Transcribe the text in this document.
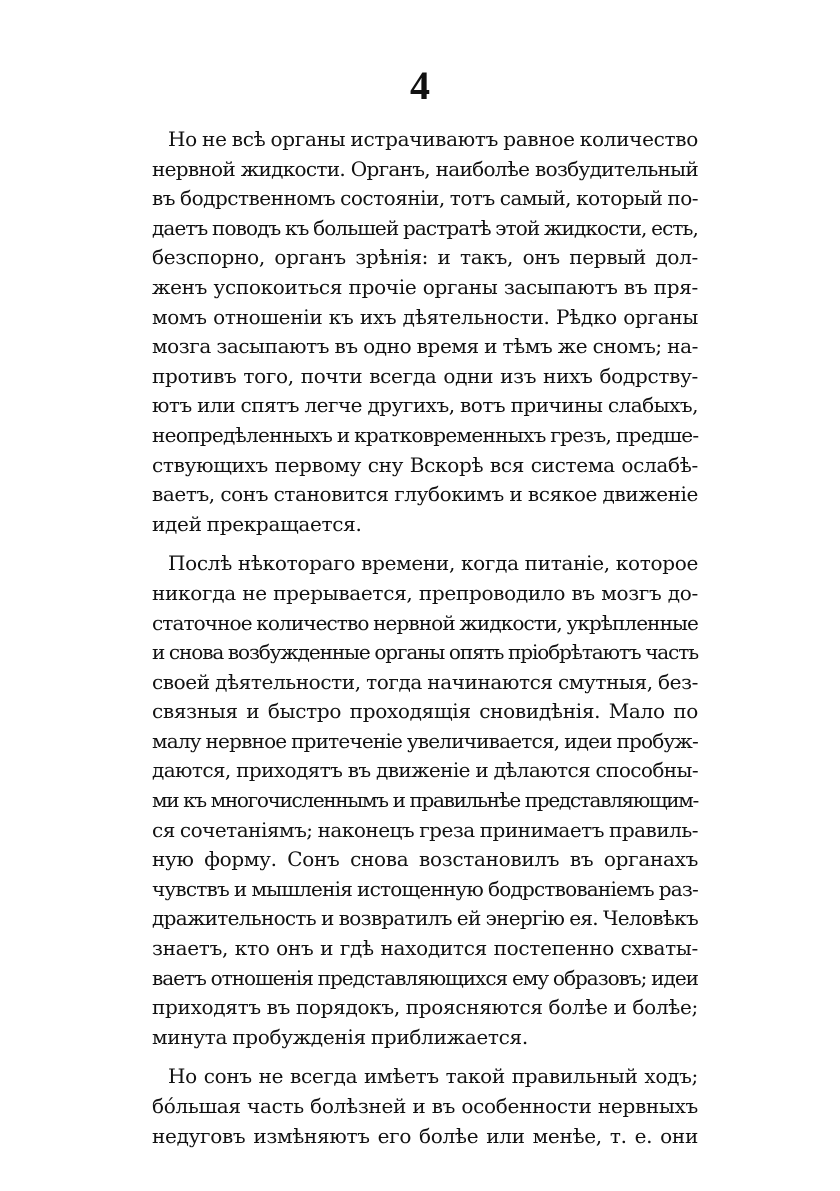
4

Но не всѣ органы истрачиваютъ равное количество
нервной жидкости. Органъ, наиболѣе возбудительный
въ бодрственномъ состояніи, тотъ самый, который по-
даетъ поводъ къ большей растратѣ этой жидкости, есть,
безспорно, органъ зрѣнія: и такъ, онъ первый дол-
женъ успокоиться прочіе органы засыпаютъ въ пря-
момъ отношеніи къ ихъ дѣятельности. Рѣдко органы
мозга засыпаютъ въ одно время и тѣмъ же сномъ; на-
противъ того, почти всегда одни изъ нихъ бодрству-
ютъ или спятъ легче другихъ, вотъ причины слабыхъ,
неопредѣленныхъ и кратковременныхъ грезъ, предше-
ствующихъ первому сну Вскорѣ вся система ослабѣ-
ваетъ, сонъ становится глубокимъ и всякое движеніе
идей прекращается.

Послѣ нѣкотораго времени, когда питаніе, которое
никогда не прерывается, препроводило въ мозгъ до-
статочное количество нервной жидкости, укрѣпленные
и снова возбужденные органы опять пріобрѣтаютъ часть
своей дѣятельности, тогда начинаются смутныя, без-
связныя и быстро проходящія сновидѣнія. Мало по
малу нервное притеченіе увеличивается, идеи пробуж-
даются, приходятъ въ движеніе и дѣлаются способны-
ми къ многочисленнымъ и правильнѣе представляющим-
ся сочетаніямъ; наконецъ греза принимаетъ правиль-
ную форму. Сонъ снова возстановилъ въ органахъ
чувствъ и мышленія истощенную бодрствованіемъ раз-
дражительность и возвратилъ ей энергію ея. Человѣкъ
знаетъ, кто онъ и гдѣ находится постепенно схваты-
ваетъ отношенія представляющихся ему образовъ; идеи
приходятъ въ порядокъ, проясняются болѣе и болѣе;
минута пробужденія приближается.

Но сонъ не всегда имѣетъ такой правильный ходъ;
бóльшая часть болѣзней и въ особенности нервныхъ
недуговъ измѣняютъ его болѣе или менѣе, т. е. они
